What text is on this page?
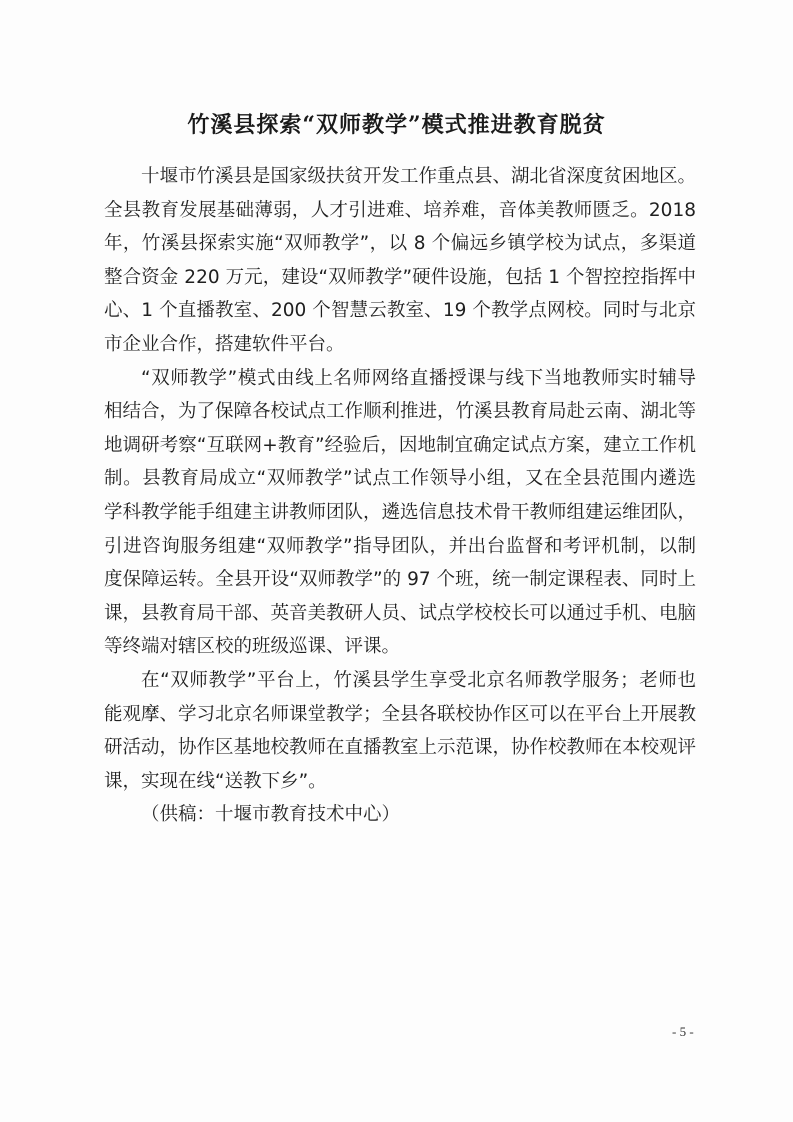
竹溪县探索“双师教学”模式推进教育脱贫

十堰市竹溪县是国家级扶贫开发工作重点县、湖北省深度贫困地区。全县教育发展基础薄弱，人才引进难、培养难，音体美教师匮乏。2018 年，竹溪县探索实施“双师教学”，以 8 个偏远乡镇学校为试点，多渠道整合资金 220 万元，建设“双师教学”硬件设施，包括 1 个智控控指挥中心、1 个直播教室、200 个智慧云教室、19 个教学点网校。同时与北京市企业合作，搭建软件平台。

“双师教学”模式由线上名师网络直播授课与线下当地教师实时辅导相结合，为了保障各校试点工作顺利推进，竹溪县教育局赴云南、湖北等地调研考察“互联网+教育”经验后，因地制宜确定试点方案，建立工作机制。县教育局成立“双师教学”试点工作领导小组，又在全县范围内遴选学科教学能手组建主讲教师团队，遴选信息技术骨干教师组建运维团队，引进咨询服务组建“双师教学”指导团队，并出台监督和考评机制，以制度保障运转。全县开设“双师教学”的 97 个班，统一制定课程表、同时上课，县教育局干部、英音美教研人员、试点学校校长可以通过手机、电脑等终端对辖区校的班级巡课、评课。

在“双师教学”平台上，竹溪县学生享受北京名师教学服务；老师也能观摩、学习北京名师课堂教学；全县各联校协作区可以在平台上开展教研活动，协作区基地校教师在直播教室上示范课，协作校教师在本校观评课，实现在线“送教下乡”。

（供稿：十堰市教育技术中心）

- 5 -
